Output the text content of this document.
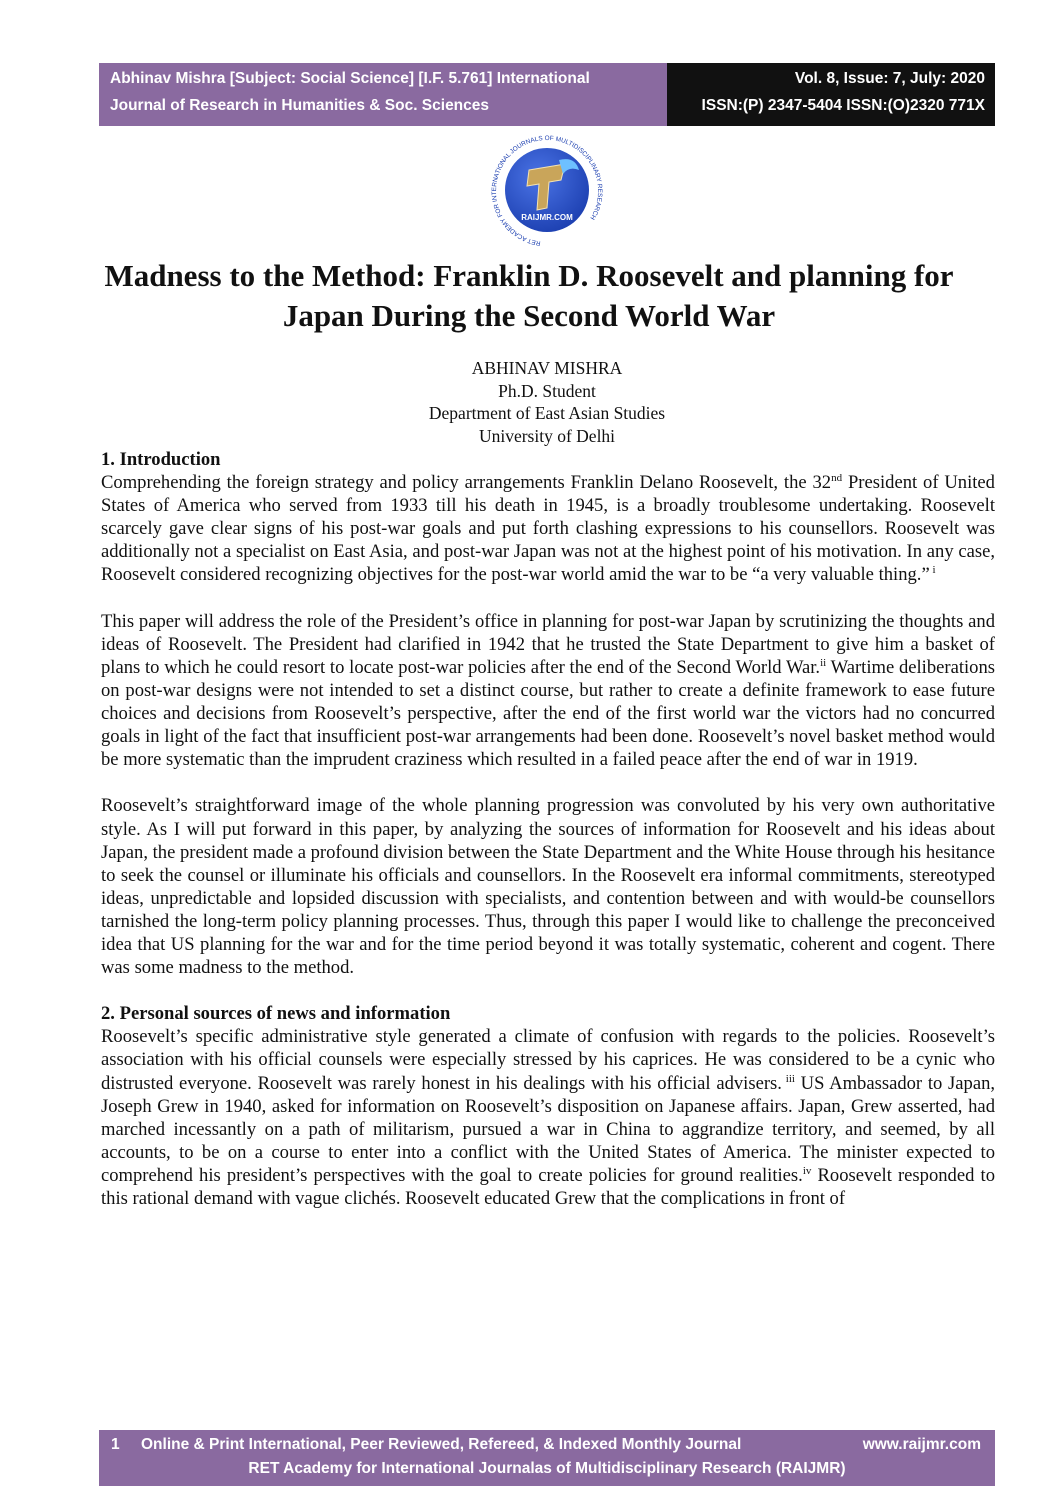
Abhinav Mishra [Subject: Social Science] [I.F. 5.761] International
Journal of Research in Humanities & Soc. Sciences
Vol. 8, Issue: 7, July: 2020
ISSN:(P) 2347-5404 ISSN:(O)2320 771X
RAIJMR.COM
RET ACADEMY FOR INTERNATIONAL JOURNALS OF MULTIDISCIPLINARY RESEARCH
Madness to the Method: Franklin D. Roosevelt and planning for
Japan During the Second World War
ABHINAV MISHRA
Ph.D. Student
Department of East Asian Studies
University of Delhi
1. Introduction

Comprehending the foreign strategy and policy arrangements Franklin Delano Roosevelt, the 32nd President of United States of America who served from 1933 till his death in 1945, is a broadly troublesome undertaking. Roosevelt scarcely gave clear signs of his post-war goals and put forth clashing expressions to his counsellors. Roosevelt was additionally not a specialist on East Asia, and post-war Japan was not at the highest point of his motivation. In any case, Roosevelt considered recognizing objectives for the post-war world amid the war to be “a very valuable thing.” $^i$

This paper will address the role of the President’s office in planning for post-war Japan by scrutinizing the thoughts and ideas of Roosevelt. The President had clarified in 1942 that he trusted the State Department to give him a basket of plans to which he could resort to locate post-war policies after the end of the Second World War.$^{ii}$ Wartime deliberations on post-war designs were not intended to set a distinct course, but rather to create a definite framework to ease future choices and decisions from Roosevelt’s perspective, after the end of the first world war the victors had no concurred goals in light of the fact that insufficient post-war arrangements had been done. Roosevelt’s novel basket method would be more systematic than the imprudent craziness which resulted in a failed peace after the end of war in 1919.

Roosevelt’s straightforward image of the whole planning progression was convoluted by his very own authoritative style. As I will put forward in this paper, by analyzing the sources of information for Roosevelt and his ideas about Japan, the president made a profound division between the State Department and the White House through his hesitance to seek the counsel or illuminate his officials and counsellors. In the Roosevelt era informal commitments, stereotyped ideas, unpredictable and lopsided discussion with specialists, and contention between and with would-be counsellors tarnished the long-term policy planning processes. Thus, through this paper I would like to challenge the preconceived idea that US planning for the war and for the time period beyond it was totally systematic, coherent and cogent. There was some madness to the method.

2. Personal sources of news and information

Roosevelt’s specific administrative style generated a climate of confusion with regards to the policies. Roosevelt’s association with his official counsels were especially stressed by his caprices. He was considered to be a cynic who distrusted everyone. Roosevelt was rarely honest in his dealings with his official advisers. $^{iii}$ US Ambassador to Japan, Joseph Grew in 1940, asked for information on Roosevelt’s disposition on Japanese affairs. Japan, Grew asserted, had marched incessantly on a path of militarism, pursued a war in China to aggrandize territory, and seemed, by all accounts, to be on a course to enter into a conflict with the United States of America. The minister expected to comprehend his president’s perspectives with the goal to create policies for ground realities.$^{iv}$ Roosevelt responded to this rational demand with vague clichés. Roosevelt educated Grew that the complications in front of

1	Online & Print International, Peer Reviewed, Refereed, & Indexed Monthly Journal	www.raijmr.com
RET Academy for International Journalas of Multidisciplinary Research (RAIJMR)
